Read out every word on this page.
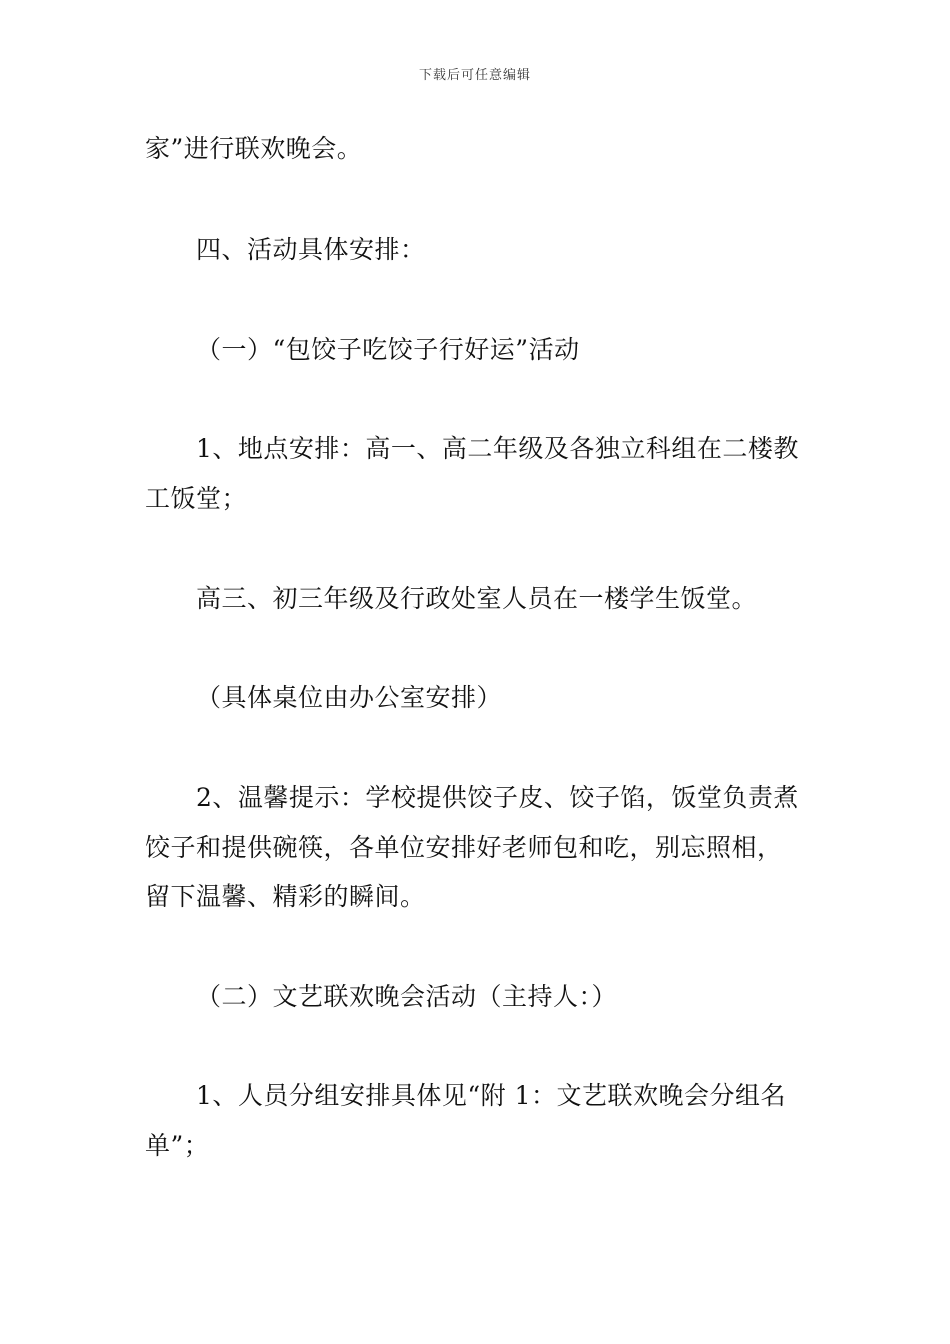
下载后可任意编辑
家”进行联欢晚会。
四、活动具体安排：
（一）“包饺子吃饺子行好运”活动
1、地点安排：高一、高二年级及各独立科组在二楼教
工饭堂；
高三、初三年级及行政处室人员在一楼学生饭堂。
（具体桌位由办公室安排）
2、温馨提示：学校提供饺子皮、饺子馅，饭堂负责煮
饺子和提供碗筷，各单位安排好老师包和吃，别忘照相，
留下温馨、精彩的瞬间。
（二）文艺联欢晚会活动（主持人：）
1、人员分组安排具体见“附 1：文艺联欢晚会分组名
单”；
